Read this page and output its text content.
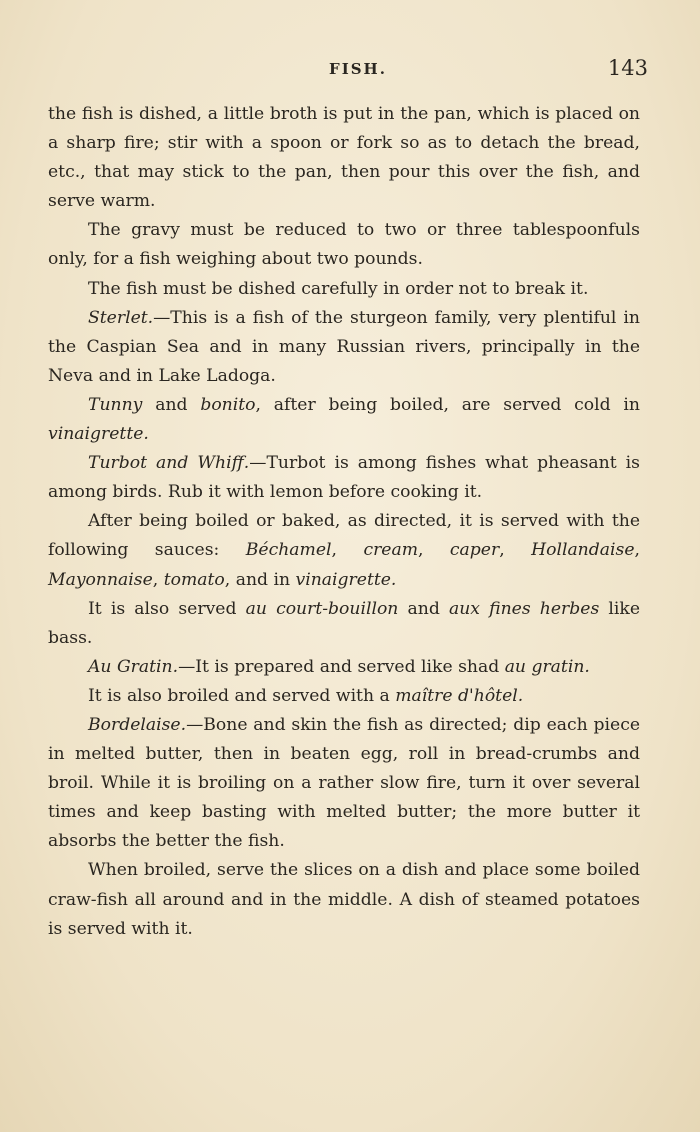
FISH.	143

the fish is dished, a little broth is put in the pan, which is placed on a sharp fire; stir with a spoon or fork so as to detach the bread, etc., that may stick to the pan, then pour this over the fish, and serve warm.

The gravy must be reduced to two or three tablespoonfuls only, for a fish weighing about two pounds.

The fish must be dished carefully in order not to break it.

Sterlet.—This is a fish of the sturgeon family, very plentiful in the Caspian Sea and in many Russian rivers, principally in the Neva and in Lake Ladoga.

Tunny and bonito, after being boiled, are served cold in vinaigrette.

Turbot and Whiff.—Turbot is among fishes what pheasant is among birds. Rub it with lemon before cooking it.

After being boiled or baked, as directed, it is served with the following sauces: Béchamel, cream, caper, Hollandaise, Mayonnaise, tomato, and in vinaigrette.

It is also served au court-bouillon and aux fines herbes like bass.

Au Gratin.—It is prepared and served like shad au gratin.

It is also broiled and served with a maître d'hôtel.

Bordelaise.—Bone and skin the fish as directed; dip each piece in melted butter, then in beaten egg, roll in bread-crumbs and broil. While it is broiling on a rather slow fire, turn it over several times and keep basting with melted butter; the more butter it absorbs the better the fish.

When broiled, serve the slices on a dish and place some boiled craw-fish all around and in the middle. A dish of steamed potatoes is served with it.
